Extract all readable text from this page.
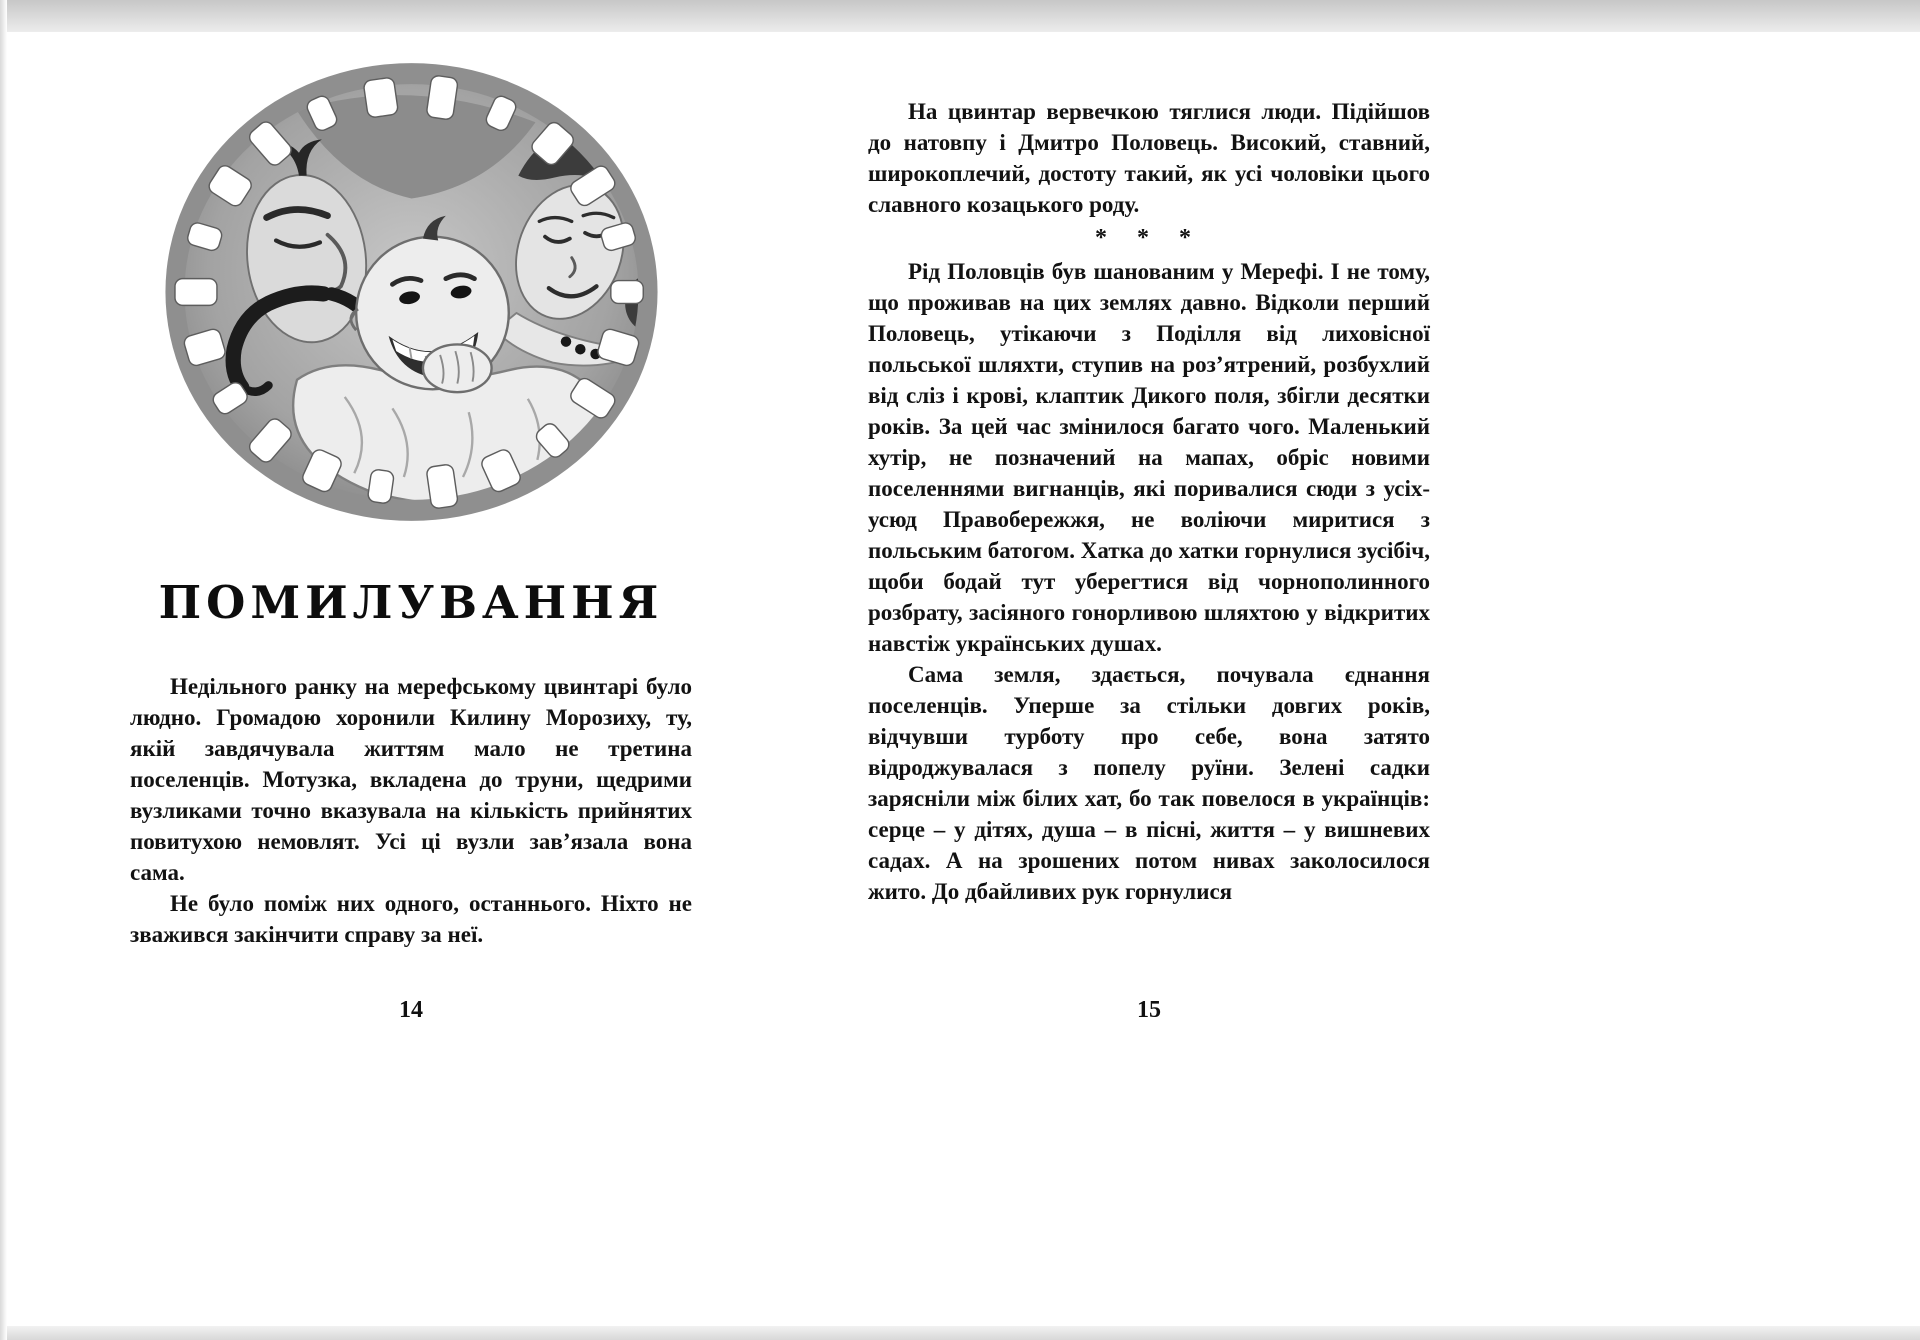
ПОМИЛУВАННЯ

Недільного ранку на мерефському цвинтарі було людно. Громадою хоронили Килину Морозиху, ту, якій завдячувала життям мало не третина поселенців. Мотузка, вкладена до труни, щедрими вузликами точно вказувала на кількість прийнятих повитухою немовлят. Усі ці вузли зав’язала вона сама.

Не було поміж них одного, останнього. Ніхто не зважився закінчити справу за неї.

На цвинтар вервечкою тяглися люди. Підійшов до натовпу і Дмитро Половець. Високий, ставний, широкоплечий, достоту такий, як усі чоловіки цього славного козацького роду.

* * *

Рід Половців був шанованим у Мерефі. І не тому, що проживав на цих землях давно. Відколи перший Половець, утікаючи з Поділля від лиховісної польської шляхти, ступив на роз’ятрений, розбухлий від сліз і крові, клаптик Дикого поля, збігли десятки років. За цей час змінилося багато чого. Маленький хутір, не позначений на мапах, обріс новими поселеннями вигнанців, які поривалися сюди з усіх-усюд Правобережжя, не воліючи миритися з польським батогом. Хатка до хатки горнулися зусібіч, щоби бодай тут уберегтися від чорнополинного розбрату, засіяного гонорливою шляхтою у відкритих навстіж українських душах.

Сама земля, здається, почувала єднання поселенців. Уперше за стільки довгих років, відчувши турботу про себе, вона затято відроджувалася з попелу руїни. Зелені садки зарясніли між білих хат, бо так повелося в українців: серце – у дітях, душа – в пісні, життя – у вишневих садах. А на зрошених потом нивах заколосилося жито. До дбайливих рук горнулися

14	15
